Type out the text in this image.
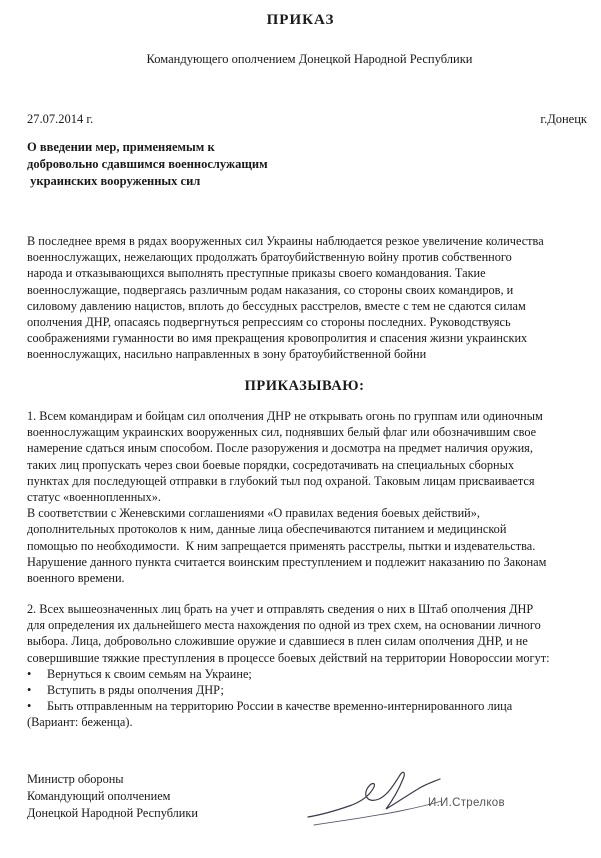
ПРИКАЗ
Командующего ополчением Донецкой Народной Республики
27.07.2014 г.	г.Донецк
О введении мер, применяемым к
добровольно сдавшимся военнослужащим
украинских вооруженных сил
В последнее время в рядах вооруженных сил Украины наблюдается резкое увеличение количества
военнослужащих, нежелающих продолжать братоубийственную войну против собственного
народа и отказывающихся выполнять преступные приказы своего командования. Такие
военнослужащие, подвергаясь различным родам наказания, со стороны своих командиров, и
силовому давлению нацистов, вплоть до бессудных расстрелов, вместе с тем не сдаются силам
ополчения ДНР, опасаясь подвергнуться репрессиям со стороны последних. Руководствуясь
соображениями гуманности во имя прекращения кровопролития и спасения жизни украинских
военнослужащих, насильно направленных в зону братоубийственной бойни
ПРИКАЗЫВАЮ:
1. Всем командирам и бойцам сил ополчения ДНР не открывать огонь по группам или одиночным
военнослужащим украинских вооруженных сил, поднявших белый флаг или обозначившим свое
намерение сдаться иным способом. После разоружения и досмотра на предмет наличия оружия,
таких лиц пропускать через свои боевые порядки, сосредотачивать на специальных сборных
пунктах для последующей отправки в глубокий тыл под охраной. Таковым лицам присваивается
статус «военнопленных».
В соответствии с Женевскими соглашениями «О правилах ведения боевых действий»,
дополнительных протоколов к ним, данные лица обеспечиваются питанием и медицинской
помощью по необходимости.  К ним запрещается применять расстрелы, пытки и издевательства.
Нарушение данного пункта считается воинским преступлением и подлежит наказанию по Законам
военного времени.
2. Всех вышеозначенных лиц брать на учет и отправлять сведения о них в Штаб ополчения ДНР
для определения их дальнейшего места нахождения по одной из трех схем, на основании личного
выбора. Лица, добровольно сложившие оружие и сдавшиеся в плен силам ополчения ДНР, и не
совершившие тяжкие преступления в процессе боевых действий на территории Новороссии могут:
• Вернуться к своим семьям на Украине;
• Вступить в ряды ополчения ДНР;
• Быть отправленным на территорию России в качестве временно-интернированного лица
(Вариант: беженца).
Министр обороны
Командующий ополчением
Донецкой Народной Республики
И.И.Стрелков
